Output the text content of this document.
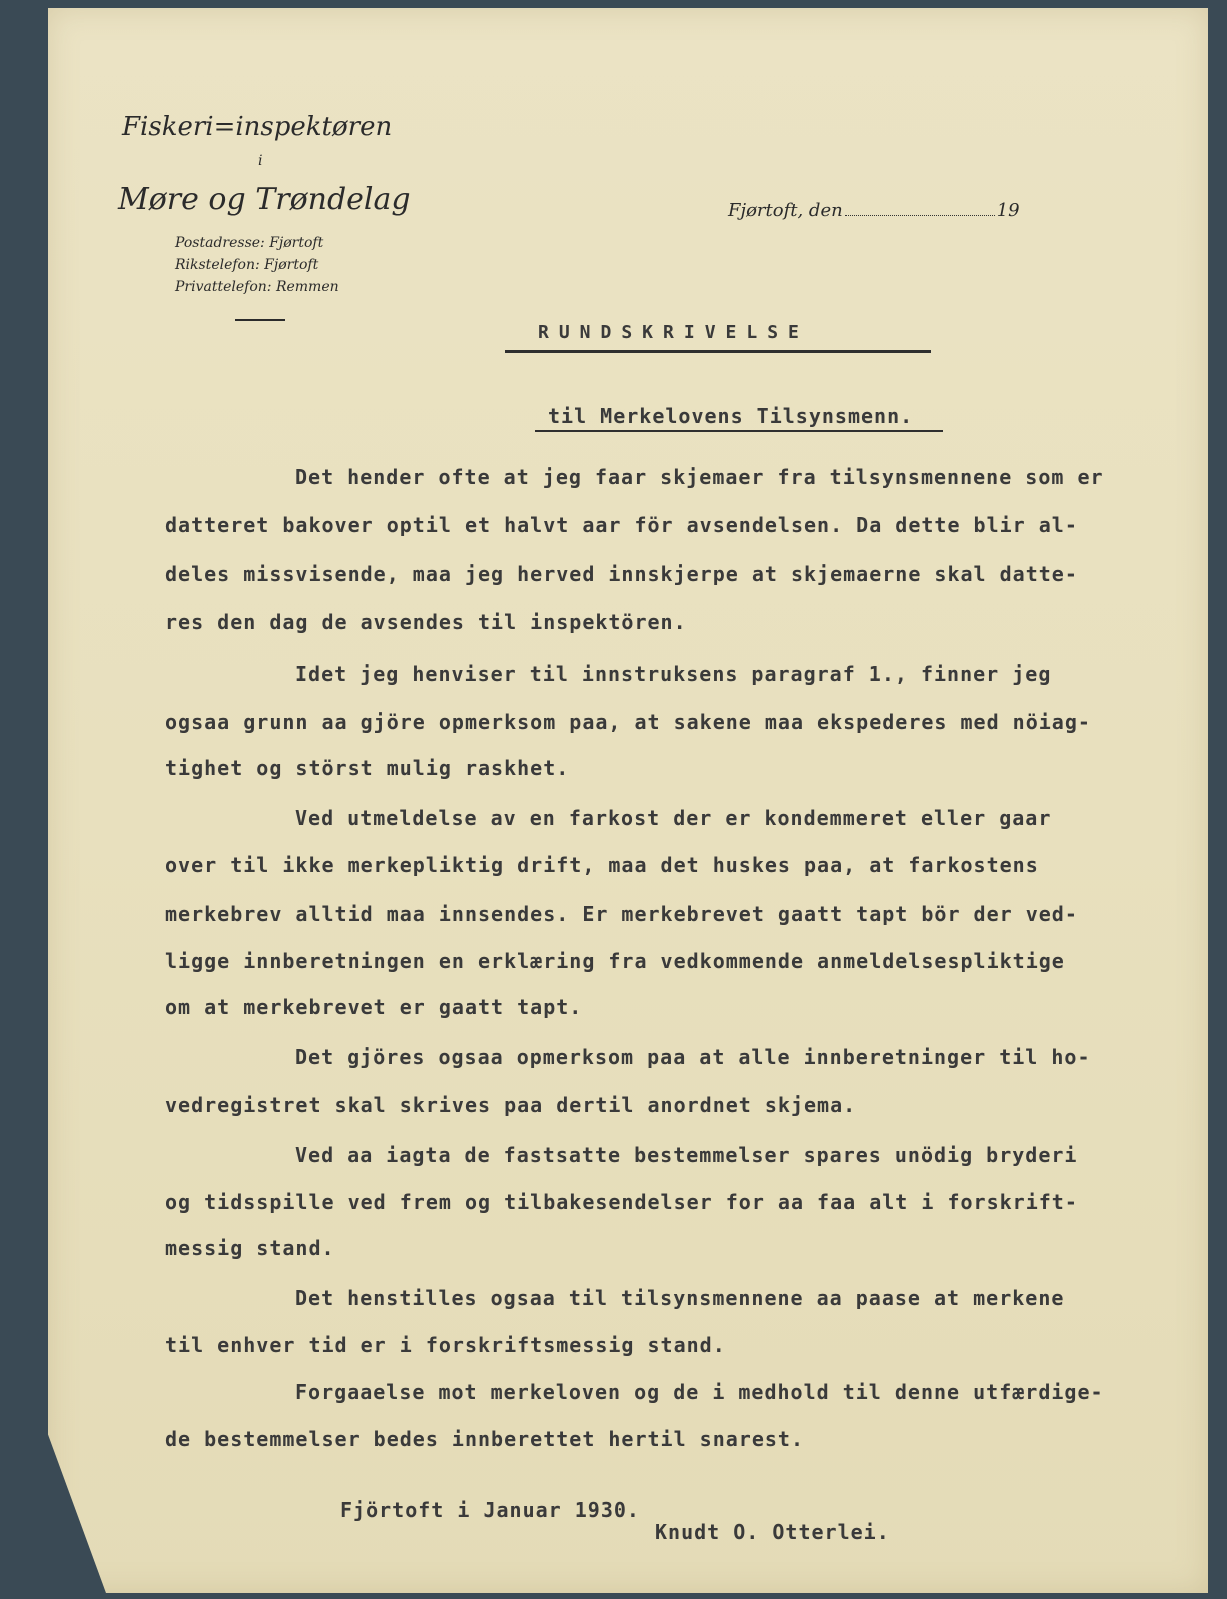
Fiskeri=inspektøren
i
Møre og Trøndelag
Postadresse: Fjørtoft
Rikstelefon: Fjørtoft
Privattelefon: Remmen
Fjørtoft, den	19
RUNDSKRIVELSE
til Merkelovens Tilsynsmenn.
Det hender ofte at jeg faar skjemaer fra tilsynsmennene som er
datteret bakover optil et halvt aar för avsendelsen. Da dette blir al-
deles missvisende, maa jeg herved innskjerpe at skjemaerne skal datte-
res den dag de avsendes til inspektören.
Idet jeg henviser til innstruksens paragraf 1., finner jeg
ogsaa grunn aa gjöre opmerksom paa, at sakene maa ekspederes med nöiag-
tighet og störst mulig raskhet.
Ved utmeldelse av en farkost der er kondemmeret eller gaar
over til ikke merkepliktig drift, maa det huskes paa, at farkostens
merkebrev alltid maa innsendes. Er merkebrevet gaatt tapt bör der ved-
ligge innberetningen en erklæring fra vedkommende anmeldelsespliktige
om at merkebrevet er gaatt tapt.
Det gjöres ogsaa opmerksom paa at alle innberetninger til ho-
vedregistret skal skrives paa dertil anordnet skjema.
Ved aa iagta de fastsatte bestemmelser spares unödig bryderi
og tidsspille ved frem og tilbakesendelser for aa faa alt i forskrift-
messig stand.
Det henstilles ogsaa til tilsynsmennene aa paase at merkene
til enhver tid er i forskriftsmessig stand.
Forgaaelse mot merkeloven og de i medhold til denne utfærdige-
de bestemmelser bedes innberettet hertil snarest.
Fjörtoft i Januar 1930.
Knudt O. Otterlei.
